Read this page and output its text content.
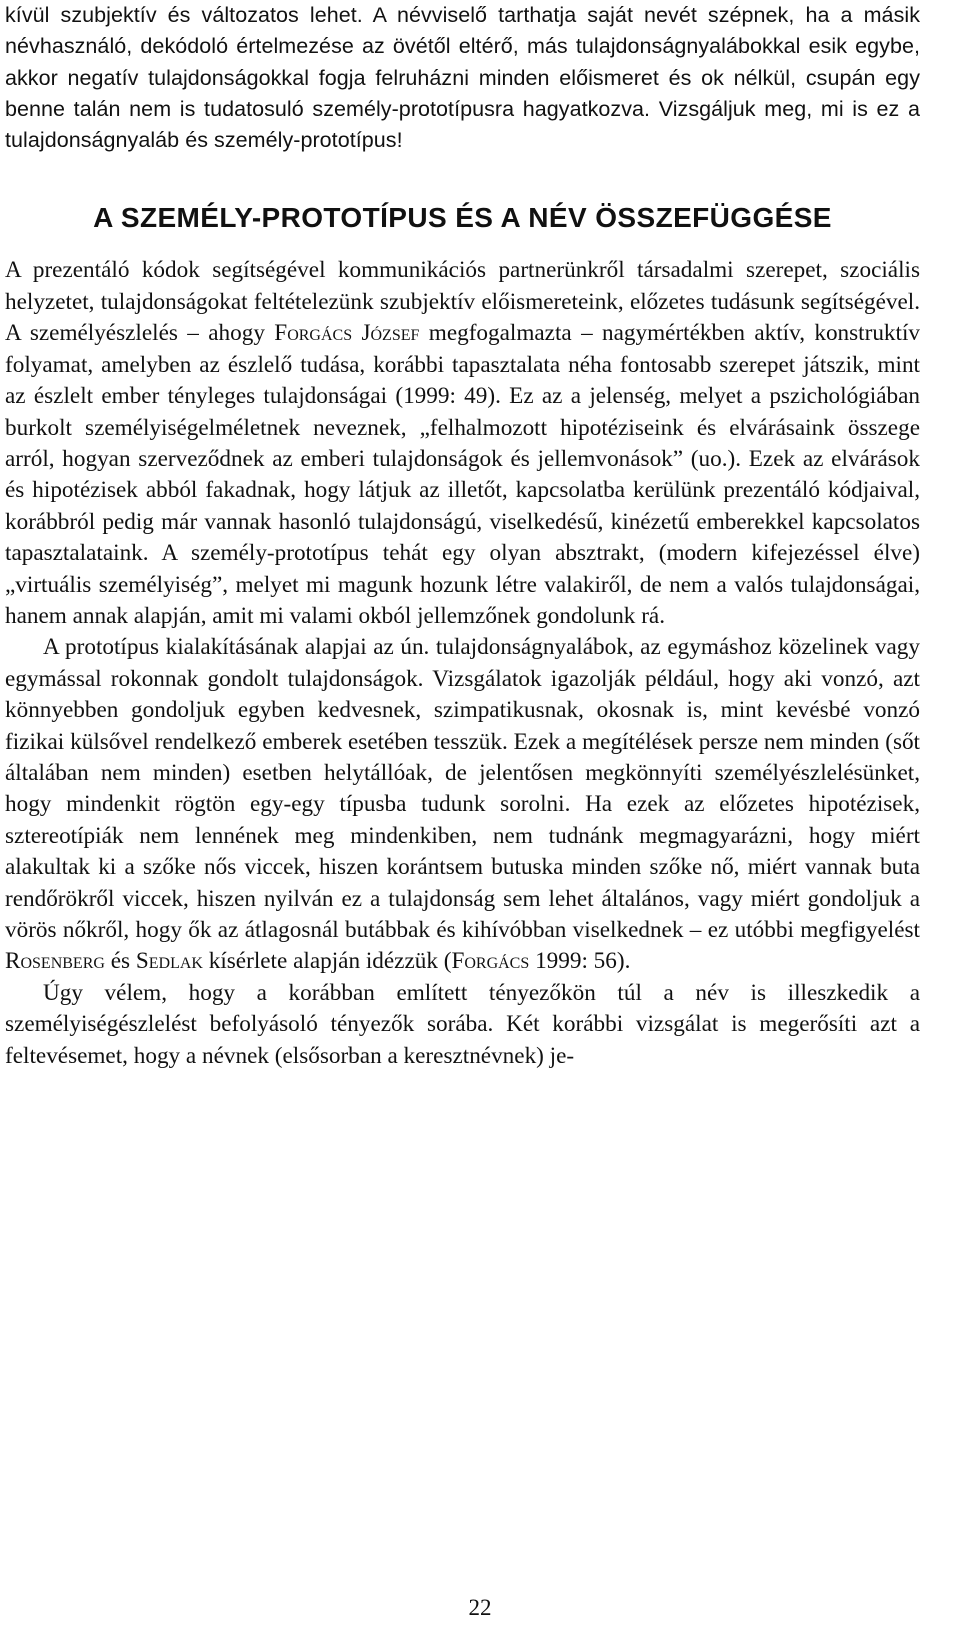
kívül szubjektív és változatos lehet. A névviselő tarthatja saját nevét szépnek, ha a másik névhasználó, dekódoló értelmezése az övétől eltérő, más tulajdonságnyalábokkal esik egybe, akkor negatív tulajdonságokkal fogja felruházni minden előismeret és ok nélkül, csupán egy benne talán nem is tudatosuló személy-prototípusra hagyatkozva. Vizsgáljuk meg, mi is ez a tulajdonságnyaláb és személy-prototípus!

A SZEMÉLY-PROTOTÍPUS ÉS A NÉV ÖSSZEFÜGGÉSE

A prezentáló kódok segítségével kommunikációs partnerünkről társadalmi szerepet, szociális helyzetet, tulajdonságokat feltételezünk szubjektív előismereteink, előzetes tudásunk segítségével. A személyészlelés – ahogy Forgács József megfogalmazta – nagymértékben aktív, konstruktív folyamat, amelyben az észlelő tudása, korábbi tapasztalata néha fontosabb szerepet játszik, mint az észlelt ember tényleges tulajdonságai (1999: 49). Ez az a jelenség, melyet a pszichológiában burkolt személyiségelméletnek neveznek, „felhalmozott hipotéziseink és elvárásaink összege arról, hogyan szerveződnek az emberi tulajdonságok és jellemvonások” (uo.). Ezek az elvárások és hipotézisek abból fakadnak, hogy látjuk az illetőt, kapcsolatba kerülünk prezentáló kódjaival, korábbról pedig már vannak hasonló tulajdonságú, viselkedésű, kinézetű emberekkel kapcsolatos tapasztalataink. A személy-prototípus tehát egy olyan absztrakt, (modern kifejezéssel élve) „virtuális személyiség”, melyet mi magunk hozunk létre valakiről, de nem a valós tulajdonságai, hanem annak alapján, amit mi valami okból jellemzőnek gondolunk rá.

A prototípus kialakításának alapjai az ún. tulajdonságnyalábok, az egymáshoz közelinek vagy egymással rokonnak gondolt tulajdonságok. Vizsgálatok igazolják például, hogy aki vonzó, azt könnyebben gondoljuk egyben kedvesnek, szimpatikusnak, okosnak is, mint kevésbé vonzó fizikai külsővel rendelkező emberek esetében tesszük. Ezek a megítélések persze nem minden (sőt általában nem minden) esetben helytállóak, de jelentősen megkönnyíti személyészlelésünket, hogy mindenkit rögtön egy-egy típusba tudunk sorolni. Ha ezek az előzetes hipotézisek, sztereotípiák nem lennének meg mindenkiben, nem tudnánk megmagyarázni, hogy miért alakultak ki a szőke nős viccek, hiszen korántsem butuska minden szőke nő, miért vannak buta rendőrökről viccek, hiszen nyilván ez a tulajdonság sem lehet általános, vagy miért gondoljuk a vörös nőkről, hogy ők az átlagosnál butábbak és kihívóbban viselkednek – ez utóbbi megfigyelést Rosenberg és Sedlak kísérlete alapján idézzük (Forgács 1999: 56).

Úgy vélem, hogy a korábban említett tényezőkön túl a név is illeszkedik a személyiségészlelést befolyásoló tényezők sorába. Két korábbi vizsgálat is megerősíti azt a feltevésemet, hogy a névnek (elsősorban a keresztnévnek) je-

22
